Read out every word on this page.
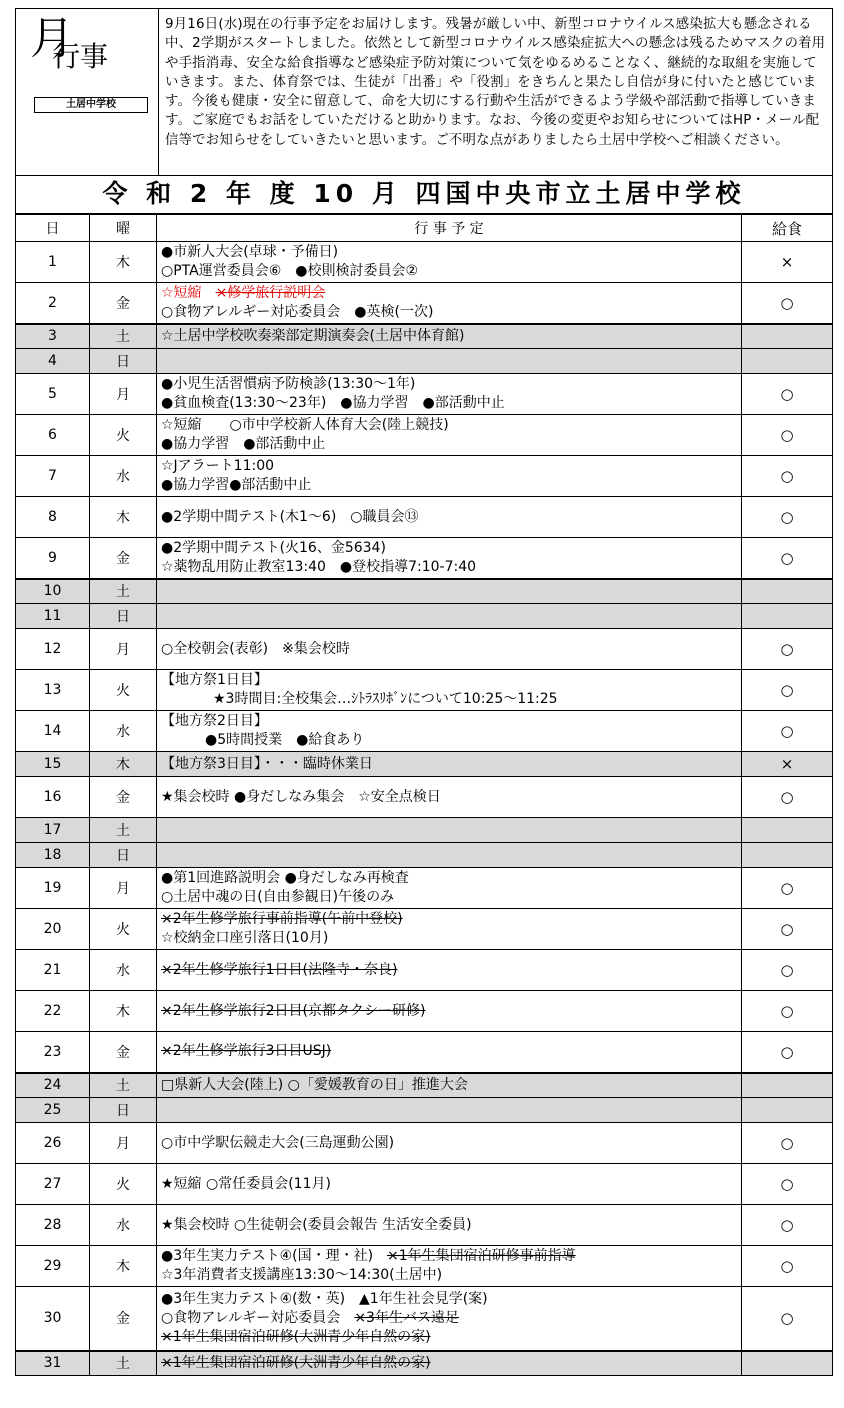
月
行事
土居中学校
9月16日(水)現在の行事予定をお届けします。残暑が厳しい中、新型コロナウイルス感染拡大も懸念される中、2学期がスタートしました。依然として新型コロナウイルス感染症拡大への懸念は残るためマスクの着用や手指消毒、安全な給食指導など感染症予防対策について気をゆるめることなく、継続的な取組を実施していきます。また、体育祭では、生徒が「出番」や「役割」をきちんと果たし自信が身に付いたと感じています。今後も健康・安全に留意して、命を大切にする行動や生活ができるよう学級や部活動で指導していきます。ご家庭でもお話をしていただけると助かります。なお、今後の変更やお知らせについてはHP・メール配信等でお知らせをしていきたいと思います。ご不明な点がありましたら土居中学校へご相談ください。
令 和 2 年 度 10 月 四国中央市立土居中学校
日	曜	行 事 予 定	給食
1	木	●市新人大会(卓球・予備日)
○PTA運営委員会⑥　●校則検討委員会②	×
2	金	☆短縮　×修学旅行説明会
○食物アレルギー対応委員会　●英検(一次)	○
3	土	☆土居中学校吹奏楽部定期演奏会(土居中体育館)	

4	日	

5	月	●小児生活習慣病予防検診(13:30～1年)
●貧血検査(13:30～23年)　●協力学習　●部活動中止	○
6	火	☆短縮　　○市中学校新人体育大会(陸上競技)
●協力学習　●部活動中止	○
7	水	☆Jアラート11:00
●協力学習●部活動中止	○
8	木	●2学期中間テスト(木1～6)　○職員会⑬	○
9	金	●2学期中間テスト(火16、金5634)
☆薬物乱用防止教室13:40　●登校指導7:10-7:40	○
10	土	

11	日	

12	月	○全校朝会(表彰)　※集会校時	○
13	火	【地方祭1日目】
★3時間目:全校集会…ｼﾄﾗｽﾘﾎﾞﾝについて10:25～11:25	○
14	水	【地方祭2日目】
●5時間授業　●給食あり	○
15	木	【地方祭3日目】・・・臨時休業日	×
16	金	★集会校時 ●身だしなみ集会　☆安全点検日	○
17	土	

18	日	

19	月	●第1回進路説明会 ●身だしなみ再検査
○土居中魂の日(自由参観日)午後のみ	○
20	火	×2年生修学旅行事前指導(午前中登校)
☆校納金口座引落日(10月)	○
21	水	×2年生修学旅行1日目(法隆寺・奈良)	○
22	木	×2年生修学旅行2日目(京都タクシー研修)	○
23	金	×2年生修学旅行3日目USJ)	○
24	土	□県新人大会(陸上) ○「愛媛教育の日」推進大会	

25	日	

26	月	○市中学駅伝競走大会(三島運動公園)	○
27	火	★短縮 ○常任委員会(11月)	○
28	水	★集会校時 ○生徒朝会(委員会報告 生活安全委員)	○
29	木	●3年生実力テスト④(国・理・社)　×1年生集団宿泊研修事前指導
☆3年消費者支援講座13:30～14:30(土居中)	○
30	金	●3年生実力テスト④(数・英)　▲1年生社会見学(案)
○食物アレルギー対応委員会　×3年生バス遠足
×1年生集団宿泊研修(大洲青少年自然の家)	○
31	土	×1年生集団宿泊研修(大洲青少年自然の家)	
